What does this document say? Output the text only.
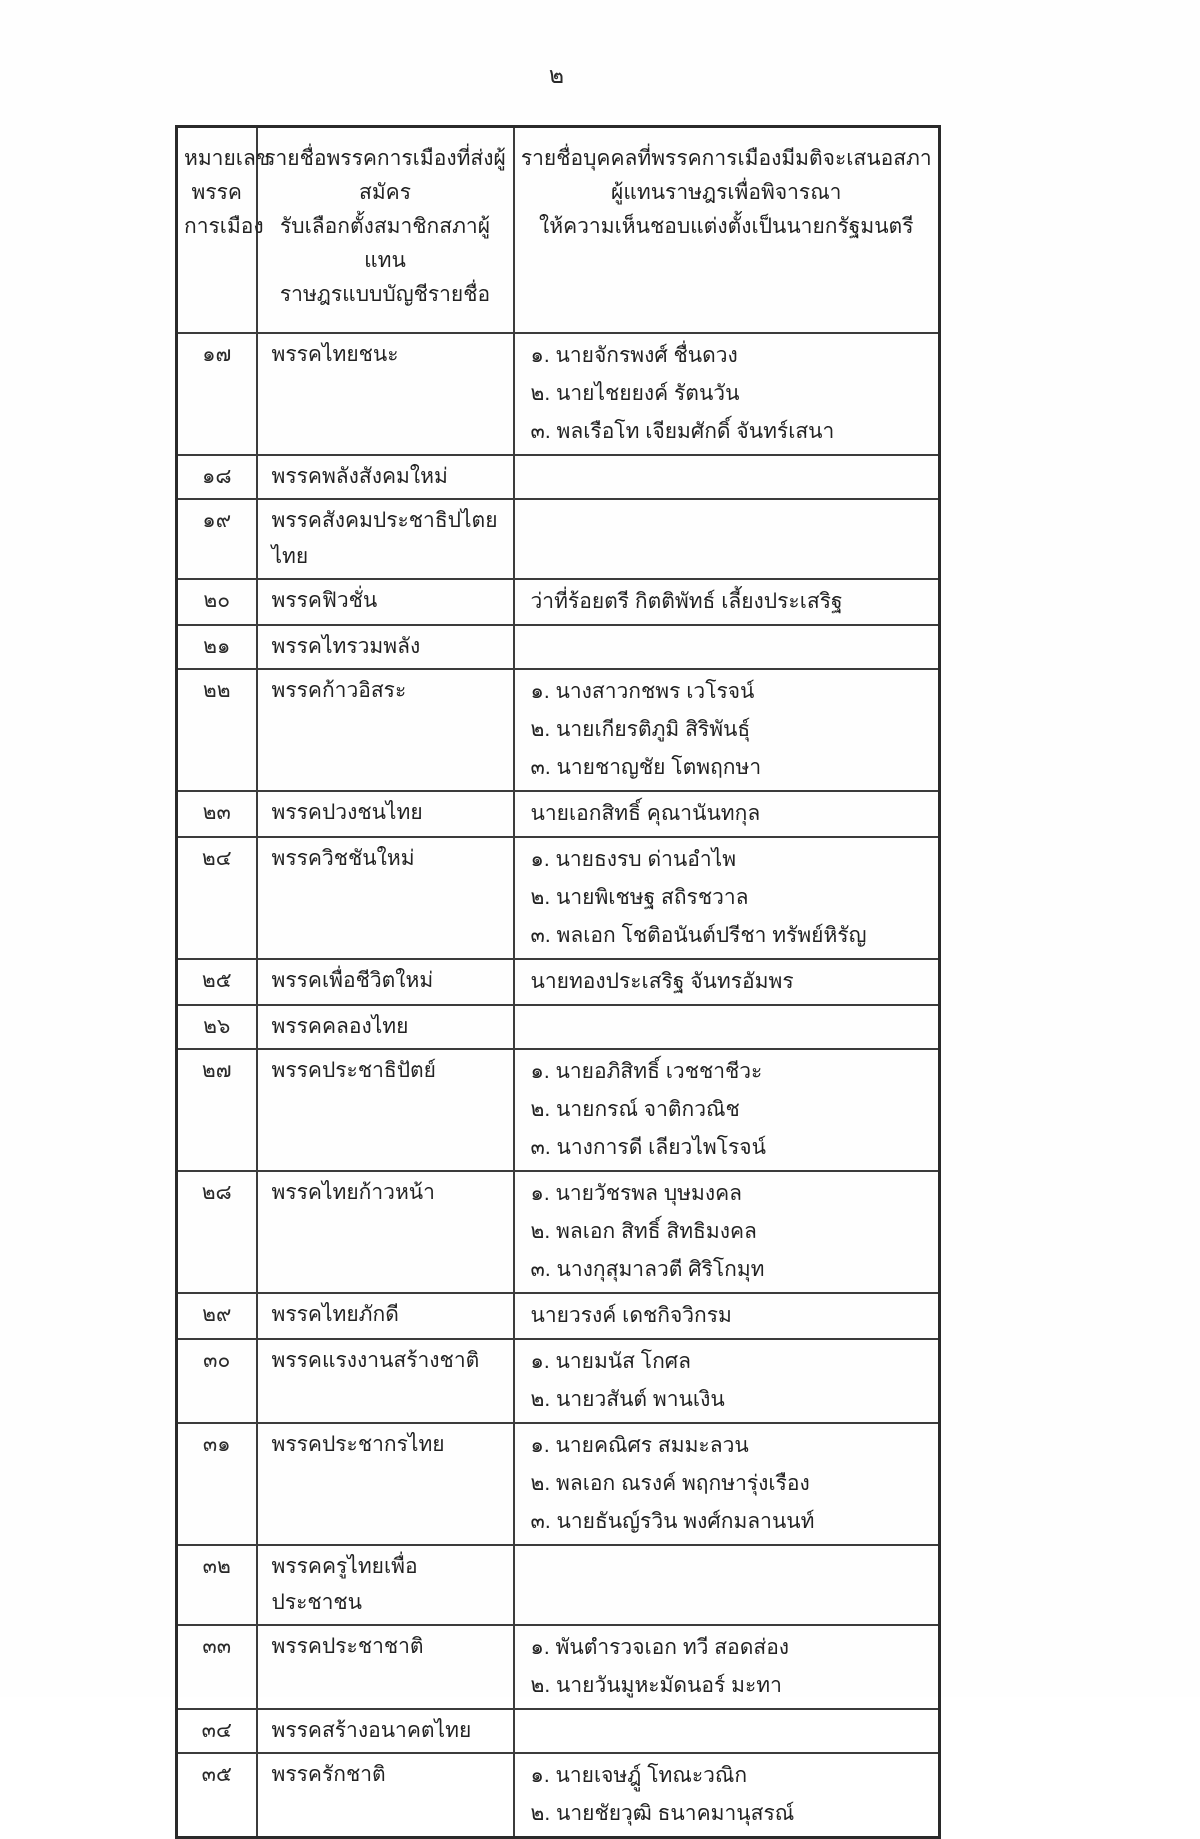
๒
หมายเลข
พรรค
การเมือง	รายชื่อพรรคการเมืองที่ส่งผู้สมัคร
รับเลือกตั้งสมาชิกสภาผู้แทน
ราษฎรแบบบัญชีรายชื่อ	รายชื่อบุคคลที่พรรคการเมืองมีมติจะเสนอสภา
ผู้แทนราษฎรเพื่อพิจารณา
ให้ความเห็นชอบแต่งตั้งเป็นนายกรัฐมนตรี

๑๗	พรรคไทยชนะ	๑. นายจักรพงศ์ ชื่นดวง
๒. นายไชยยงค์ รัตนวัน
๓. พลเรือโท เจียมศักดิ์ จันทร์เสนา

๑๘	พรรคพลังสังคมใหม่	
๑๙	พรรคสังคมประชาธิปไตยไทย	
๒๐	พรรคฟิวชั่น	ว่าที่ร้อยตรี กิตติพัทธ์ เลี้ยงประเสริฐ

๒๑	พรรคไทรวมพลัง	
๒๒	พรรคก้าวอิสระ	๑. นางสาวกชพร เวโรจน์
๒. นายเกียรติภูมิ สิริพันธุ์
๓. นายชาญชัย โตพฤกษา

๒๓	พรรคปวงชนไทย	นายเอกสิทธิ์ คุณานันทกุล

๒๔	พรรควิชชันใหม่	๑. นายธงรบ ด่านอำไพ
๒. นายพิเชษฐ สถิรชวาล
๓. พลเอก โชติอนันต์ปรีชา ทรัพย์หิรัญ

๒๕	พรรคเพื่อชีวิตใหม่	นายทองประเสริฐ จันทรอัมพร

๒๖	พรรคคลองไทย	
๒๗	พรรคประชาธิปัตย์	๑. นายอภิสิทธิ์ เวชชาชีวะ
๒. นายกรณ์ จาติกวณิช
๓. นางการดี เลียวไพโรจน์

๒๘	พรรคไทยก้าวหน้า	๑. นายวัชรพล บุษมงคล
๒. พลเอก สิทธิ์ สิทธิมงคล
๓. นางกุสุมาลวตี ศิริโกมุท

๒๙	พรรคไทยภักดี	นายวรงค์ เดชกิจวิกรม

๓๐	พรรคแรงงานสร้างชาติ	๑. นายมนัส โกศล
๒. นายวสันต์ พานเงิน

๓๑	พรรคประชากรไทย	๑. นายคณิศร สมมะลวน
๒. พลเอก ณรงค์ พฤกษารุ่งเรือง
๓. นายธันญ์รวิน พงศ์กมลานนท์

๓๒	พรรคครูไทยเพื่อประชาชน	
๓๓	พรรคประชาชาติ	๑. พันตำรวจเอก ทวี สอดส่อง
๒. นายวันมูหะมัดนอร์ มะทา

๓๔	พรรคสร้างอนาคตไทย	
๓๕	พรรครักชาติ	๑. นายเจษฎู์ โทณะวณิก
๒. นายชัยวุฒิ ธนาคมานุสรณ์
